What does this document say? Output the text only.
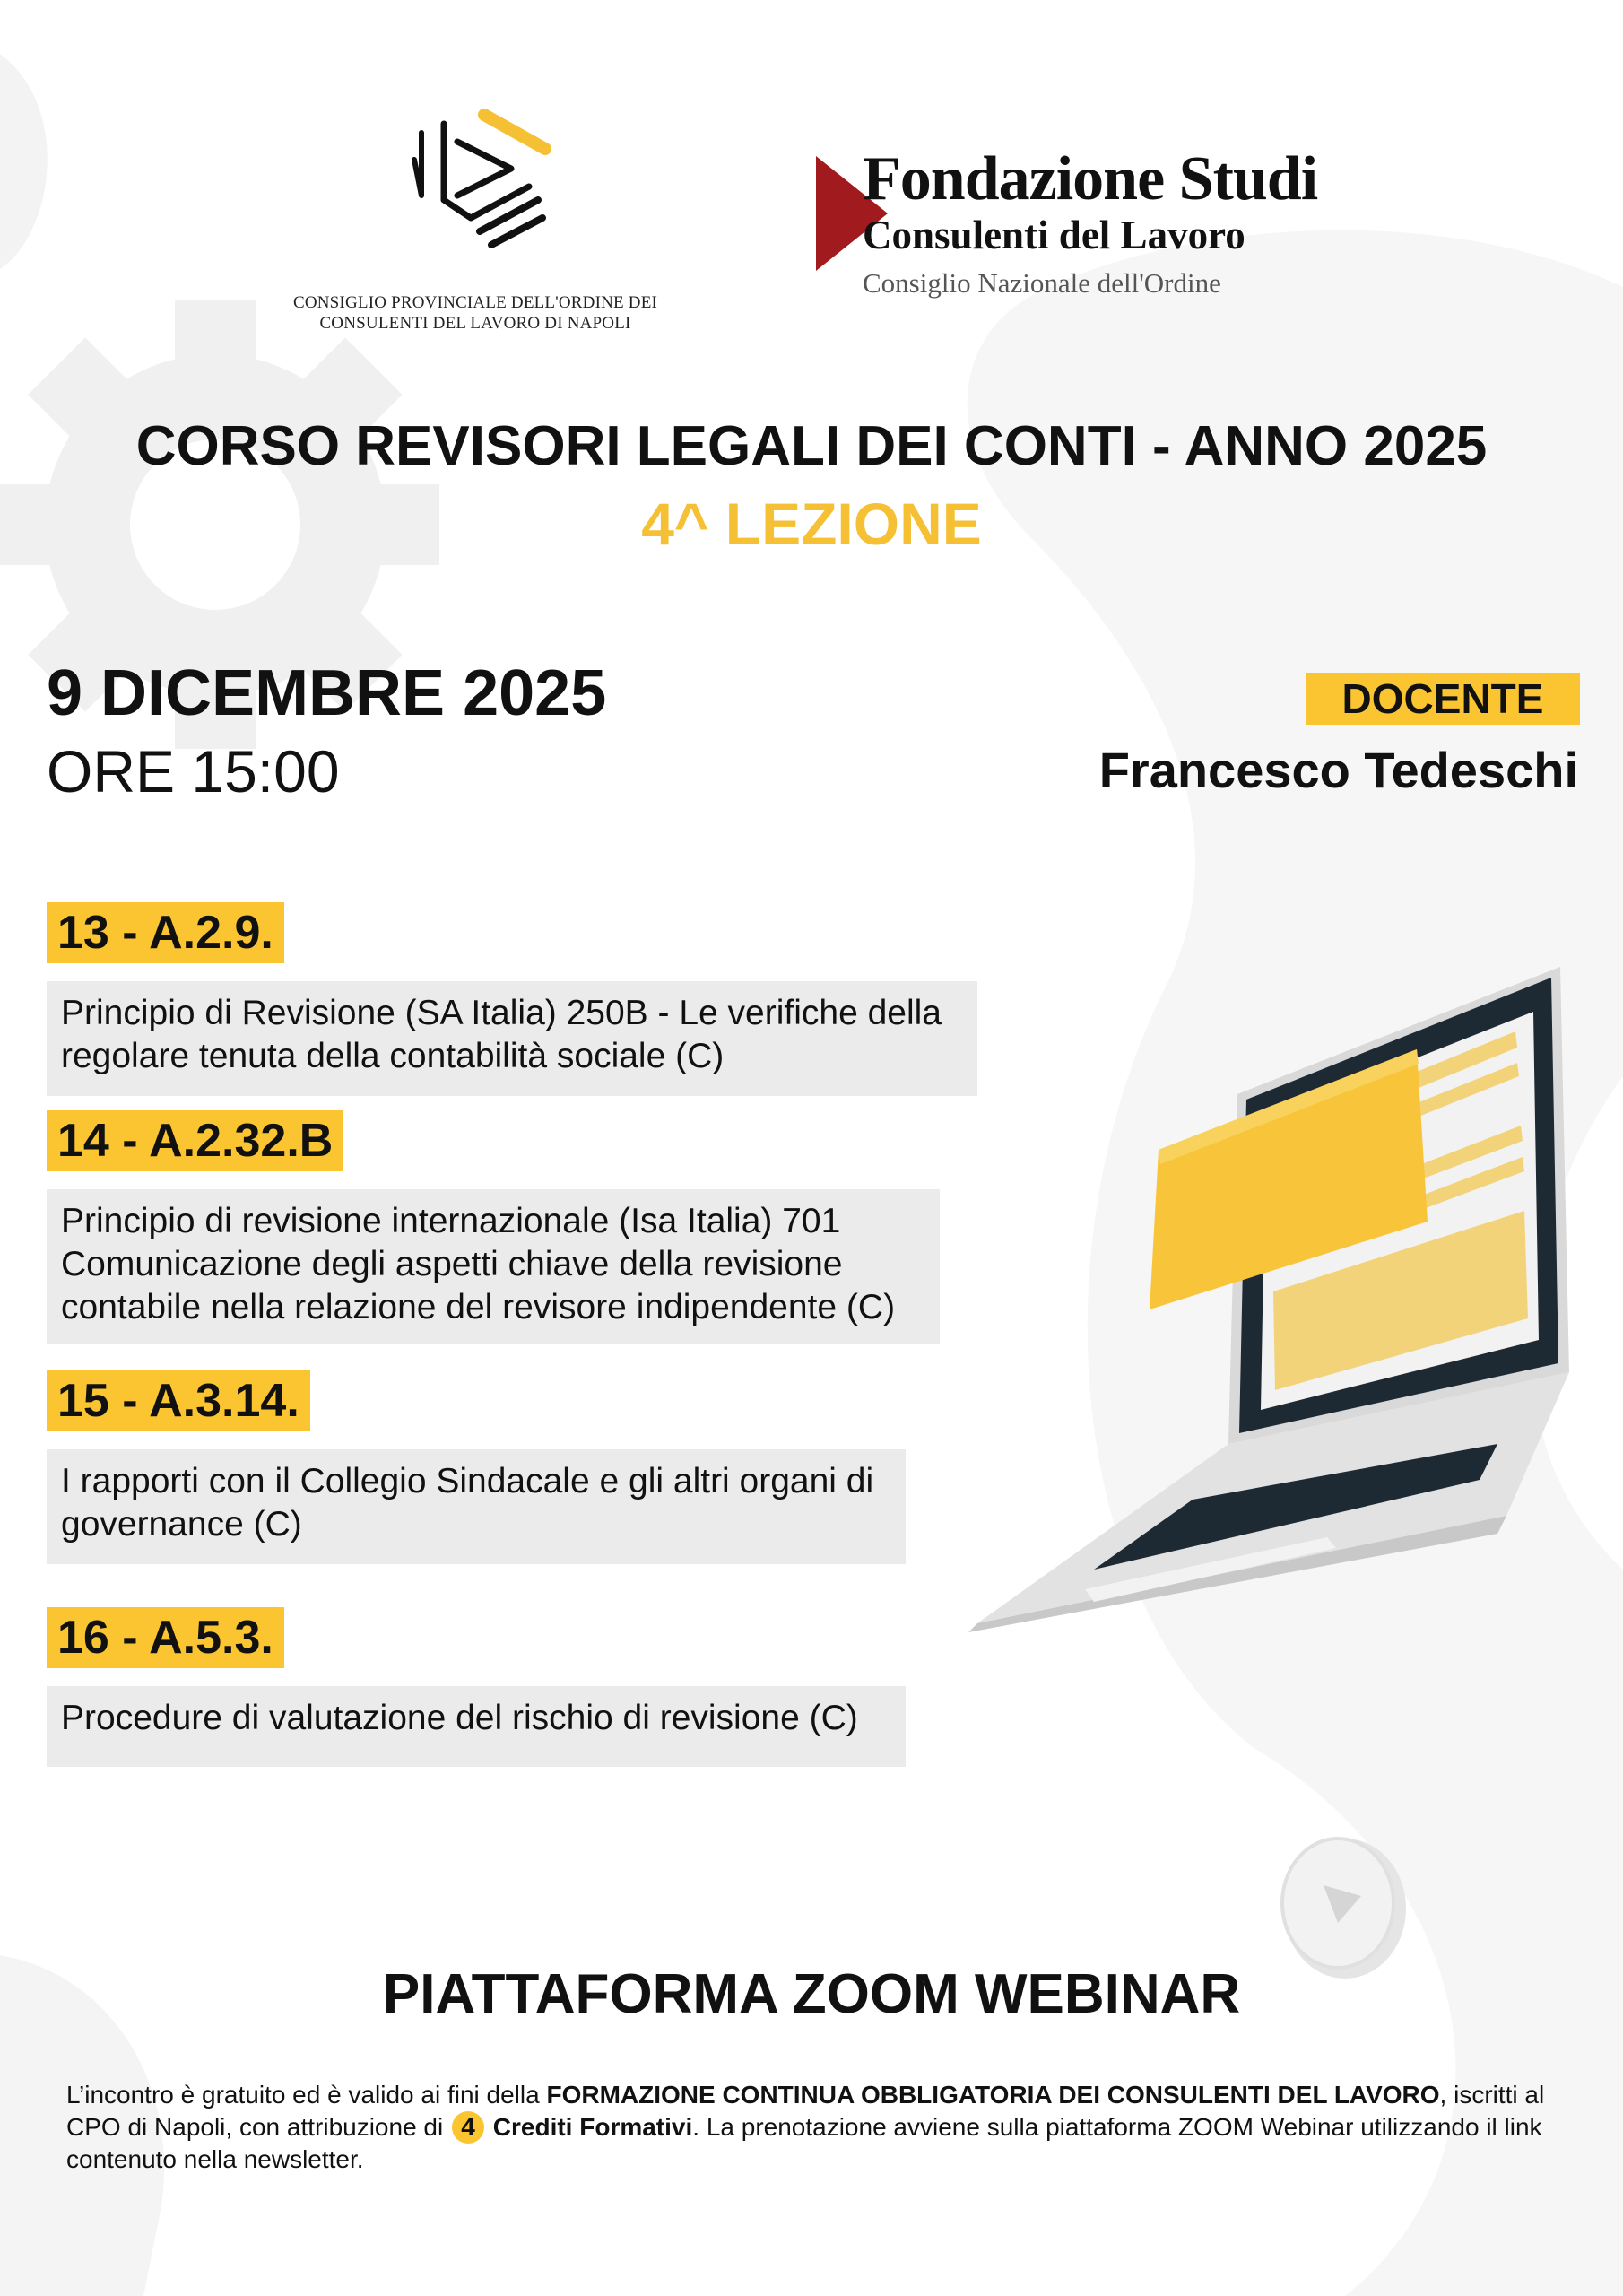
CONSIGLIO PROVINCIALE DELL'ORDINE DEI
CONSULENTI DEL LAVORO DI NAPOLI
Fondazione Studi
Consulenti del Lavoro
Consiglio Nazionale dell'Ordine
CORSO REVISORI LEGALI DEI CONTI - ANNO 2025
4^ LEZIONE
9 DICEMBRE 2025
ORE 15:00
DOCENTE
Francesco Tedeschi
13 - A.2.9.
Principio di Revisione (SA Italia) 250B - Le verifiche della
regolare tenuta della contabilità sociale (C)
14 - A.2.32.B
Principio di revisione internazionale (Isa Italia) 701
Comunicazione degli aspetti chiave della revisione
contabile nella relazione del revisore indipendente (C)
15 - A.3.14.
I rapporti con il Collegio Sindacale e gli altri organi di
governance (C)
16 - A.5.3.
Procedure di valutazione del rischio di revisione (C)
PIATTAFORMA ZOOM WEBINAR
L’incontro è gratuito ed è valido ai fini della FORMAZIONE CONTINUA OBBLIGATORIA DEI CONSULENTI DEL LAVORO, iscritti al CPO di Napoli, con attribuzione di 4 Crediti Formativi. La prenotazione avviene sulla piattaforma ZOOM Webinar utilizzando il link contenuto nella newsletter.
